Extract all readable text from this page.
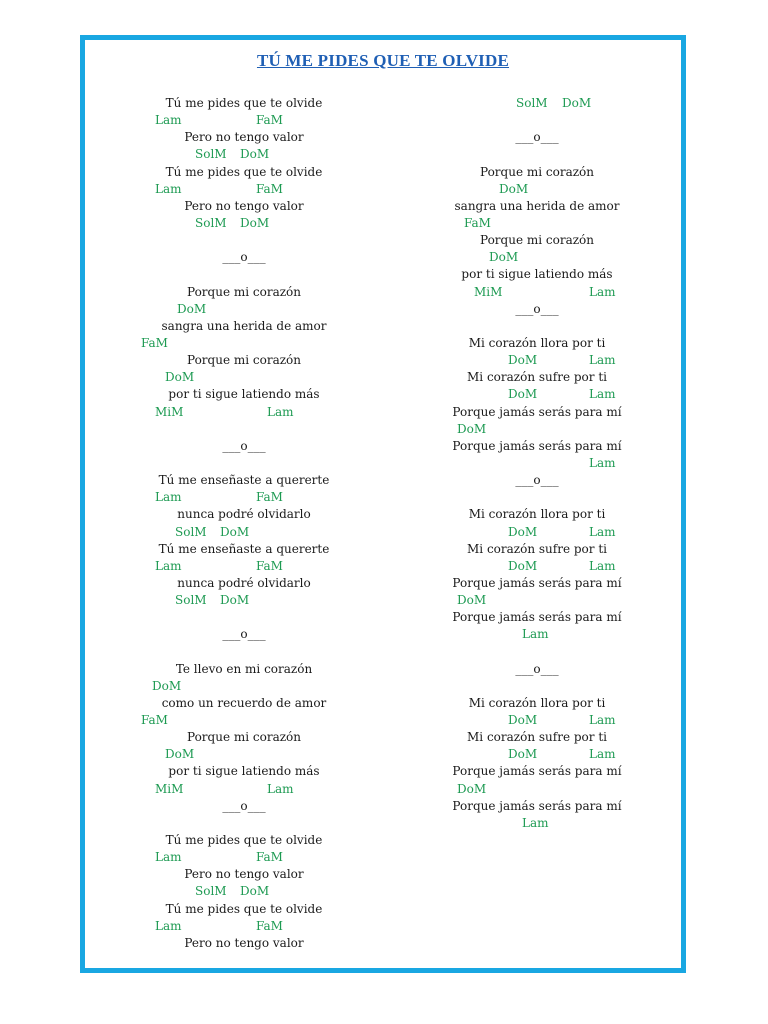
TÚ ME PIDES QUE TE OLVIDE
Tú me pides que te olvide
Lam	FaM
Pero no tengo valor
SolM DoM
Tú me pides que te olvide
Lam	FaM
Pero no tengo valor
SolM DoM
___o___
Porque mi corazón
DoM
sangra una herida de amor
FaM
Porque mi corazón
DoM
por ti sigue latiendo más
MiM	Lam
___o___
Tú me enseñaste a quererte
Lam	FaM
nunca podré olvidarlo
SolM DoM
Tú me enseñaste a quererte
Lam	FaM
nunca podré olvidarlo
SolM DoM
___o___
Te llevo en mi corazón
DoM
como un recuerdo de amor
FaM
Porque mi corazón
DoM
por ti sigue latiendo más
MiM	Lam
___o___
Tú me pides que te olvide
Lam	FaM
Pero no tengo valor
SolM DoM
Tú me pides que te olvide
Lam	FaM
Pero no tengo valor
SolM DoM
___o___
Porque mi corazón
DoM
sangra una herida de amor
FaM
Porque mi corazón
DoM
por ti sigue latiendo más
MiM	Lam
___o___
Mi corazón llora por ti
DoM	Lam
Mi corazón sufre por ti
DoM	Lam
Porque jamás serás para mí
DoM
Porque jamás serás para mí
Lam
___o___
Mi corazón llora por ti
DoM	Lam
Mi corazón sufre por ti
DoM	Lam
Porque jamás serás para mí
DoM
Porque jamás serás para mí
Lam
___o___
Mi corazón llora por ti
DoM	Lam
Mi corazón sufre por ti
DoM	Lam
Porque jamás serás para mí
DoM
Porque jamás serás para mí
Lam
